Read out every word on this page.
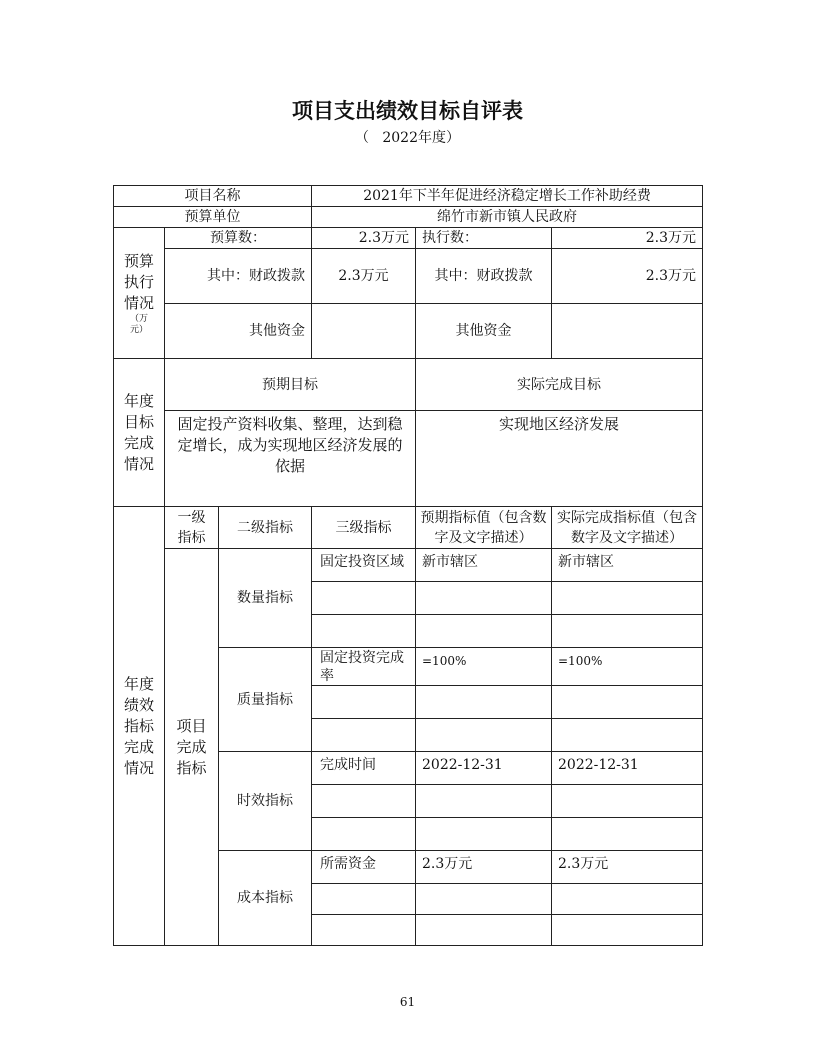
项目支出绩效目标自评表
（ 2022年度）
项目名称			2021年下半年促进经济稳定增长工作补助经费		
预算单位			绵竹市新市镇人民政府		

预算执行情况
（万元）	预算数：		2.3万元	执行数：	2.3万元
	其中：财政拨款		2.3万元	其中：财政拨款	2.3万元
	其他资金			其他资金	

年度目标完成情况	预期目标			实际完成目标	
	固定投产资料收集、整理，达到稳定增长，成为实现地区经济发展的依据			实现地区经济发展	

年度绩效指标完成情况	一级指标	二级指标	三级指标	预期指标值（包含数字及文字描述）	实际完成指标值（包含数字及文字描述）

	项目完成指标	数量指标	固定投资区域	新市辖区	新市辖区

		质量指标	固定投资完成率	=100%	=100%

		时效指标	完成时间	2022-12-31	2022-12-31

		成本指标	所需资金	2.3万元	2.3万元

61
